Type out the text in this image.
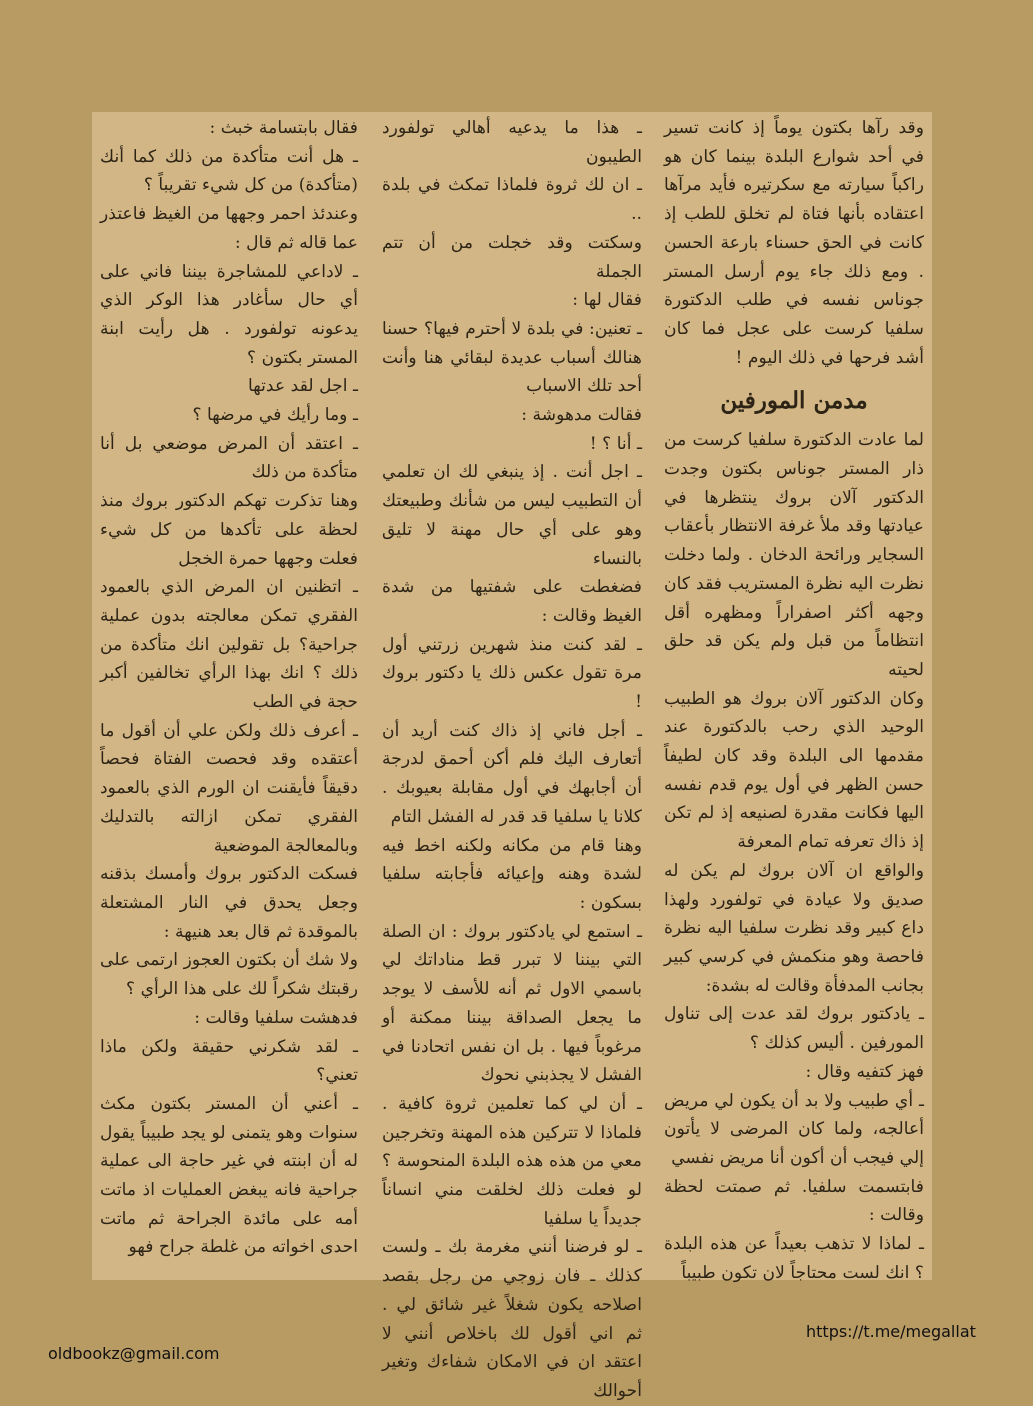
وقد رآها بكتون يوماً إذ كانت تسير في أحد شوارع البلدة بينما كان هو راكباً سيارته مع سكرتيره فأيد مرآها اعتقاده بأنها فتاة لم تخلق للطب إذ كانت في الحق حسناء بارعة الحسن . ومع ذلك جاء يوم أرسل المستر جوناس نفسه في طلب الدكتورة سلفيا كرست على عجل فما كان أشد فرحها في ذلك اليوم !

مدمن المورفين

لما عادت الدكتورة سلفيا كرست من ذار المستر جوناس بكتون وجدت الدكتور آلان بروك ينتظرها في عيادتها وقد ملأ غرفة الانتظار بأعقاب السجاير ورائحة الدخان . ولما دخلت نظرت اليه نظرة المستريب فقد كان وجهه أكثر اصفراراً ومظهره أقل انتظاماً من قبل ولم يكن قد حلق لحيته

وكان الدكتور آلان بروك هو الطبيب الوحيد الذي رحب بالدكتورة عند مقدمها الى البلدة وقد كان لطيفاً حسن الظهر في أول يوم قدم نفسه اليها فكانت مقدرة لصنيعه إذ لم تكن إذ ذاك تعرفه تمام المعرفة

والواقع ان آلان بروك لم يكن له صديق ولا عيادة في تولفورد ولهذا داع كبير وقد نظرت سلفيا اليه نظرة فاحصة وهو منكمش في كرسي كبير بجانب المدفأة وقالت له بشدة:

ـ يادكتور بروك لقد عدت إلى تناول المورفين . أليس كذلك ؟

فهز كتفيه وقال :

ـ أي طبيب ولا بد أن يكون لي مريض أعالجه، ولما كان المرضى لا يأتون إلي فيجب أن أكون أنا مريض نفسي

فابتسمت سلفيا. ثم صمتت لحظة وقالت :

ـ لماذا لا تذهب بعيداً عن هذه البلدة ؟ انك لست محتاجاً لان تكون طبيباً

ـ هذا ما يدعيه أهالي تولفورد الطيبون

ـ ان لك ثروة فلماذا تمكث في بلدة ..

وسكتت وقد خجلت من أن تتم الجملة

فقال لها :

ـ تعنين: في بلدة لا أحترم فيها؟ حسنا هنالك أسباب عديدة لبقائي هنا وأنت أحد تلك الاسباب

فقالت مدهوشة :

ـ أنا ؟ !

ـ اجل أنت . إذ ينبغي لك ان تعلمي أن التطبيب ليس من شأنك وطبيعتك وهو على أي حال مهنة لا تليق بالنساء

فضغطت على شفتيها من شدة الغيظ وقالت :

ـ لقد كنت منذ شهرين زرتني أول مرة تقول عكس ذلك يا دكتور بروك !

ـ أجل فاني إذ ذاك كنت أريد أن أتعارف اليك فلم أكن أحمق لدرجة أن أجابهك في أول مقابلة بعيوبك . كلانا يا سلفيا قد قدر له الفشل التام

وهنا قام من مكانه ولكنه اخط فيه لشدة وهنه وإعيائه فأجابته سلفيا بسكون :

ـ استمع لي يادكتور بروك : ان الصلة التي بيننا لا تبرر قط مناداتك لي باسمي الاول ثم أنه للأسف لا يوجد ما يجعل الصداقة بيننا ممكنة أو مرغوباً فيها . بل ان نفس اتحادنا في الفشل لا يجذبني نحوك

ـ أن لي كما تعلمين ثروة كافية . فلماذا لا تتركين هذه المهنة وتخرجين معي من هذه هذه البلدة المنحوسة ؟ لو فعلت ذلك لخلقت مني انساناً جديداً يا سلفيا

ـ لو فرضنا أنني مغرمة بك ـ ولست كذلك ـ فان زوجي من رجل بقصد اصلاحه يكون شغلاً غير شائق لي . ثم اني أقول لك باخلاص أنني لا اعتقد ان في الامكان شفاءك وتغير أحوالك

فقال بابتسامة خبث :

ـ هل أنت متأكدة من ذلك كما أنك (متأكدة) من كل شيء تقريباً ؟

وعندئذ احمر وجهها من الغيظ فاعتذر عما قاله ثم قال :

ـ لاداعي للمشاجرة بيننا فاني على أي حال سأغادر هذا الوكر الذي يدعونه تولفورد . هل رأيت ابنة المستر بكتون ؟

ـ اجل لقد عدتها

ـ وما رأيك في مرضها ؟

ـ اعتقد أن المرض موضعي بل أنا متأكدة من ذلك

وهنا تذكرت تهكم الدكتور بروك منذ لحظة على تأكدها من كل شيء فعلت وجهها حمرة الخجل

ـ اتظنين ان المرض الذي بالعمود الفقري تمكن معالجته بدون عملية جراحية؟ بل تقولين انك متأكدة من ذلك ؟ انك بهذا الرأي تخالفين أكبر حجة في الطب

ـ أعرف ذلك ولكن علي أن أقول ما أعتقده وقد فحصت الفتاة فحصاً دقيقاً فأيقنت ان الورم الذي بالعمود الفقري تمكن ازالته بالتدليك وبالمعالجة الموضعية

فسكت الدكتور بروك وأمسك بذقنه وجعل يحدق في النار المشتعلة بالموقدة ثم قال بعد هنيهة :

ولا شك أن بكتون العجوز ارتمى على رقبتك شكراً لك على هذا الرأي ؟

فدهشت سلفيا وقالت :

ـ لقد شكرني حقيقة ولكن ماذا تعني؟

ـ أعني أن المستر بكتون مكث سنوات وهو يتمنى لو يجد طبيباً يقول له أن ابنته في غير حاجة الى عملية جراحية فانه يبغض العمليات اذ ماتت أمه على مائدة الجراحة ثم ماتت احدى اخواته من غلطة جراح فهو

https://t.me/megallat
oldbookz@gmail.com
